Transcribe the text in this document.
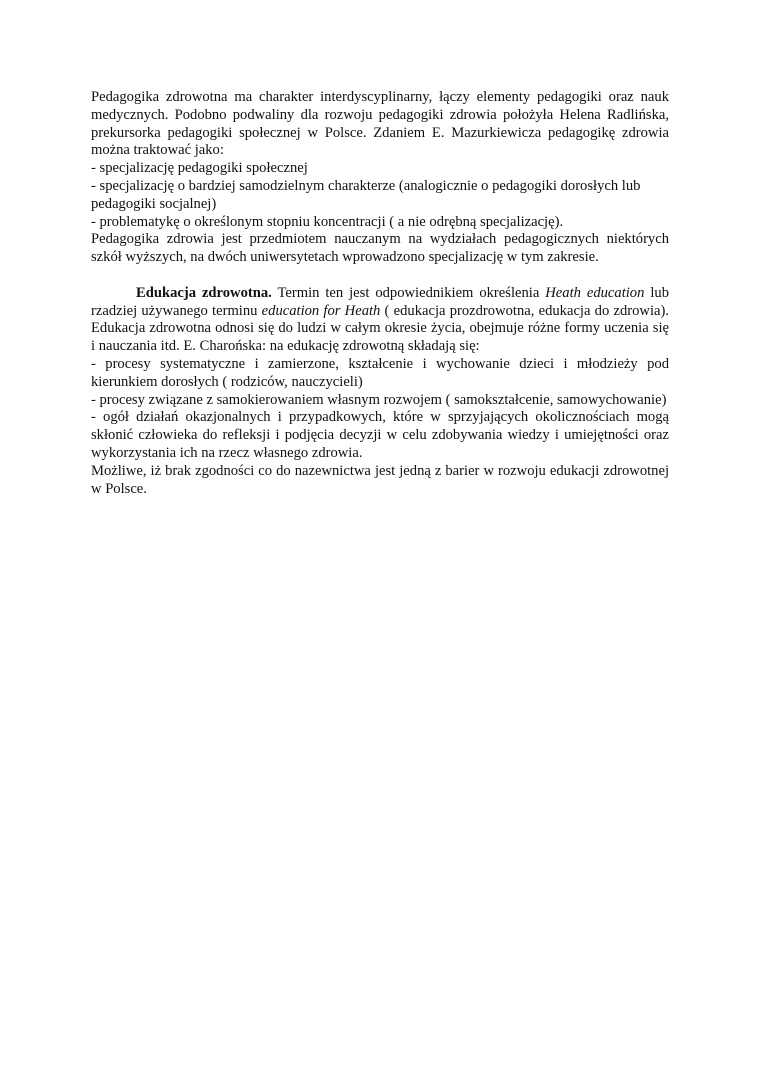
Pedagogika zdrowotna ma charakter interdyscyplinarny, łączy elementy pedagogiki oraz nauk medycznych. Podobno podwaliny dla rozwoju pedagogiki zdrowia położyła Helena Radlińska, prekursorka pedagogiki społecznej w Polsce. Zdaniem E. Mazurkiewicza pedagogikę zdrowia można traktować jako:

- specjalizację pedagogiki społecznej

- specjalizację o bardziej samodzielnym charakterze (analogicznie o pedagogiki dorosłych lub pedagogiki socjalnej)

- problematykę o określonym stopniu koncentracji ( a nie odrębną specjalizację).

Pedagogika zdrowia jest przedmiotem nauczanym na wydziałach pedagogicznych niektórych szkół wyższych, na dwóch uniwersytetach wprowadzono specjalizację w tym zakresie.

Edukacja zdrowotna. Termin ten jest odpowiednikiem określenia Heath education lub rzadziej używanego terminu education for Heath ( edukacja prozdrowotna, edukacja do zdrowia). Edukacja zdrowotna odnosi się do ludzi w całym okresie życia, obejmuje różne formy uczenia się i nauczania itd. E. Charońska: na edukację zdrowotną składają się:

- procesy systematyczne i zamierzone, kształcenie i wychowanie dzieci i młodzieży pod kierunkiem dorosłych ( rodziców, nauczycieli)

- procesy związane z samokierowaniem własnym rozwojem ( samokształcenie, samowychowanie)

- ogół działań okazjonalnych i przypadkowych, które w sprzyjających okolicznościach mogą skłonić człowieka do refleksji i podjęcia decyzji w celu zdobywania wiedzy i umiejętności oraz wykorzystania ich na rzecz własnego zdrowia.

Możliwe, iż brak zgodności co do nazewnictwa jest jedną z barier w rozwoju edukacji zdrowotnej w Polsce.
